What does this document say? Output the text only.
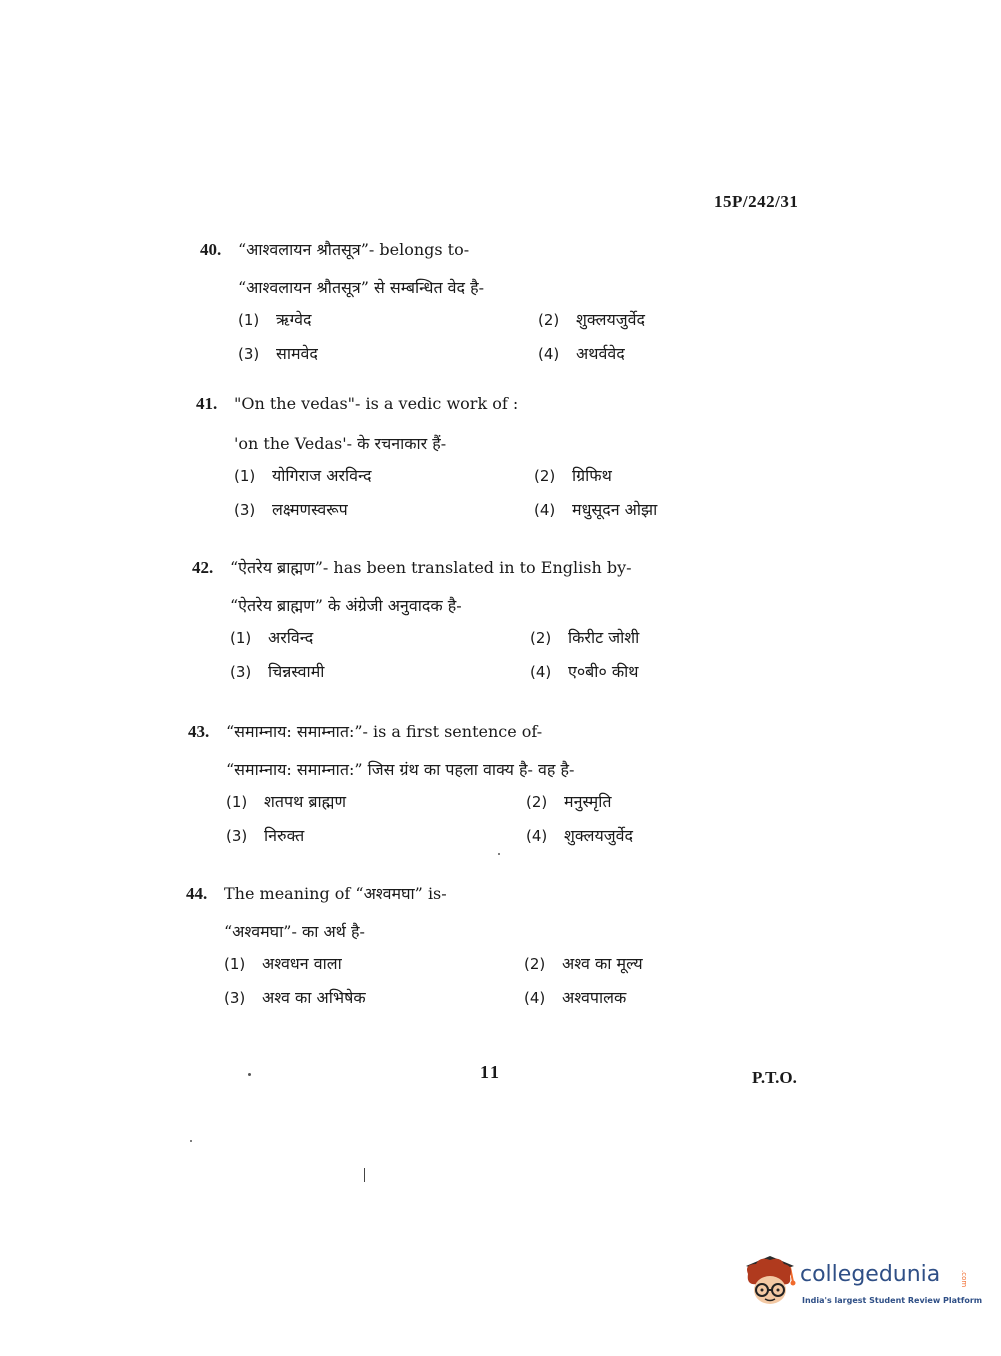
15P/242/31
40.	“आश्वलायन श्रौतसूत्र”- belongs to-
“आश्वलायन श्रौतसूत्र” से सम्बन्धित वेद है-
(1)	ऋग्वेद	(2)	शुक्लयजुर्वेद
(3)	सामवेद	(4)	अथर्ववेद
41.	"On the vedas"- is a vedic work of :
'on the Vedas'- के रचनाकार हैं-
(1)	योगिराज अरविन्द	(2)	ग्रिफिथ
(3)	लक्ष्मणस्वरूप	(4)	मधुसूदन ओझा
42.	“ऐतरेय ब्राह्मण”- has been translated in to English by-
“ऐतरेय ब्राह्मण” के अंग्रेजी अनुवादक है-
(1)	अरविन्द	(2)	किरीट जोशी
(3)	चिन्नस्वामी	(4)	ए०बी० कीथ
43.	“समाम्नाय: समाम्नात:”- is a first sentence of-
“समाम्नाय: समाम्नात:” जिस ग्रंथ का पहला वाक्य है- वह है-
(1)	शतपथ ब्राह्मण	(2)	मनुस्मृति
(3)	निरुक्त	(4)	शुक्लयजुर्वेद
44.	The meaning of “अश्वमघा” is-
“अश्वमघा”- का अर्थ है-
(1)	अश्वधन वाला	(2)	अश्व का मूल्य
(3)	अश्व का अभिषेक	(4)	अश्वपालक
11	P.T.O.
collegedunia	.com
India's largest Student Review Platform
